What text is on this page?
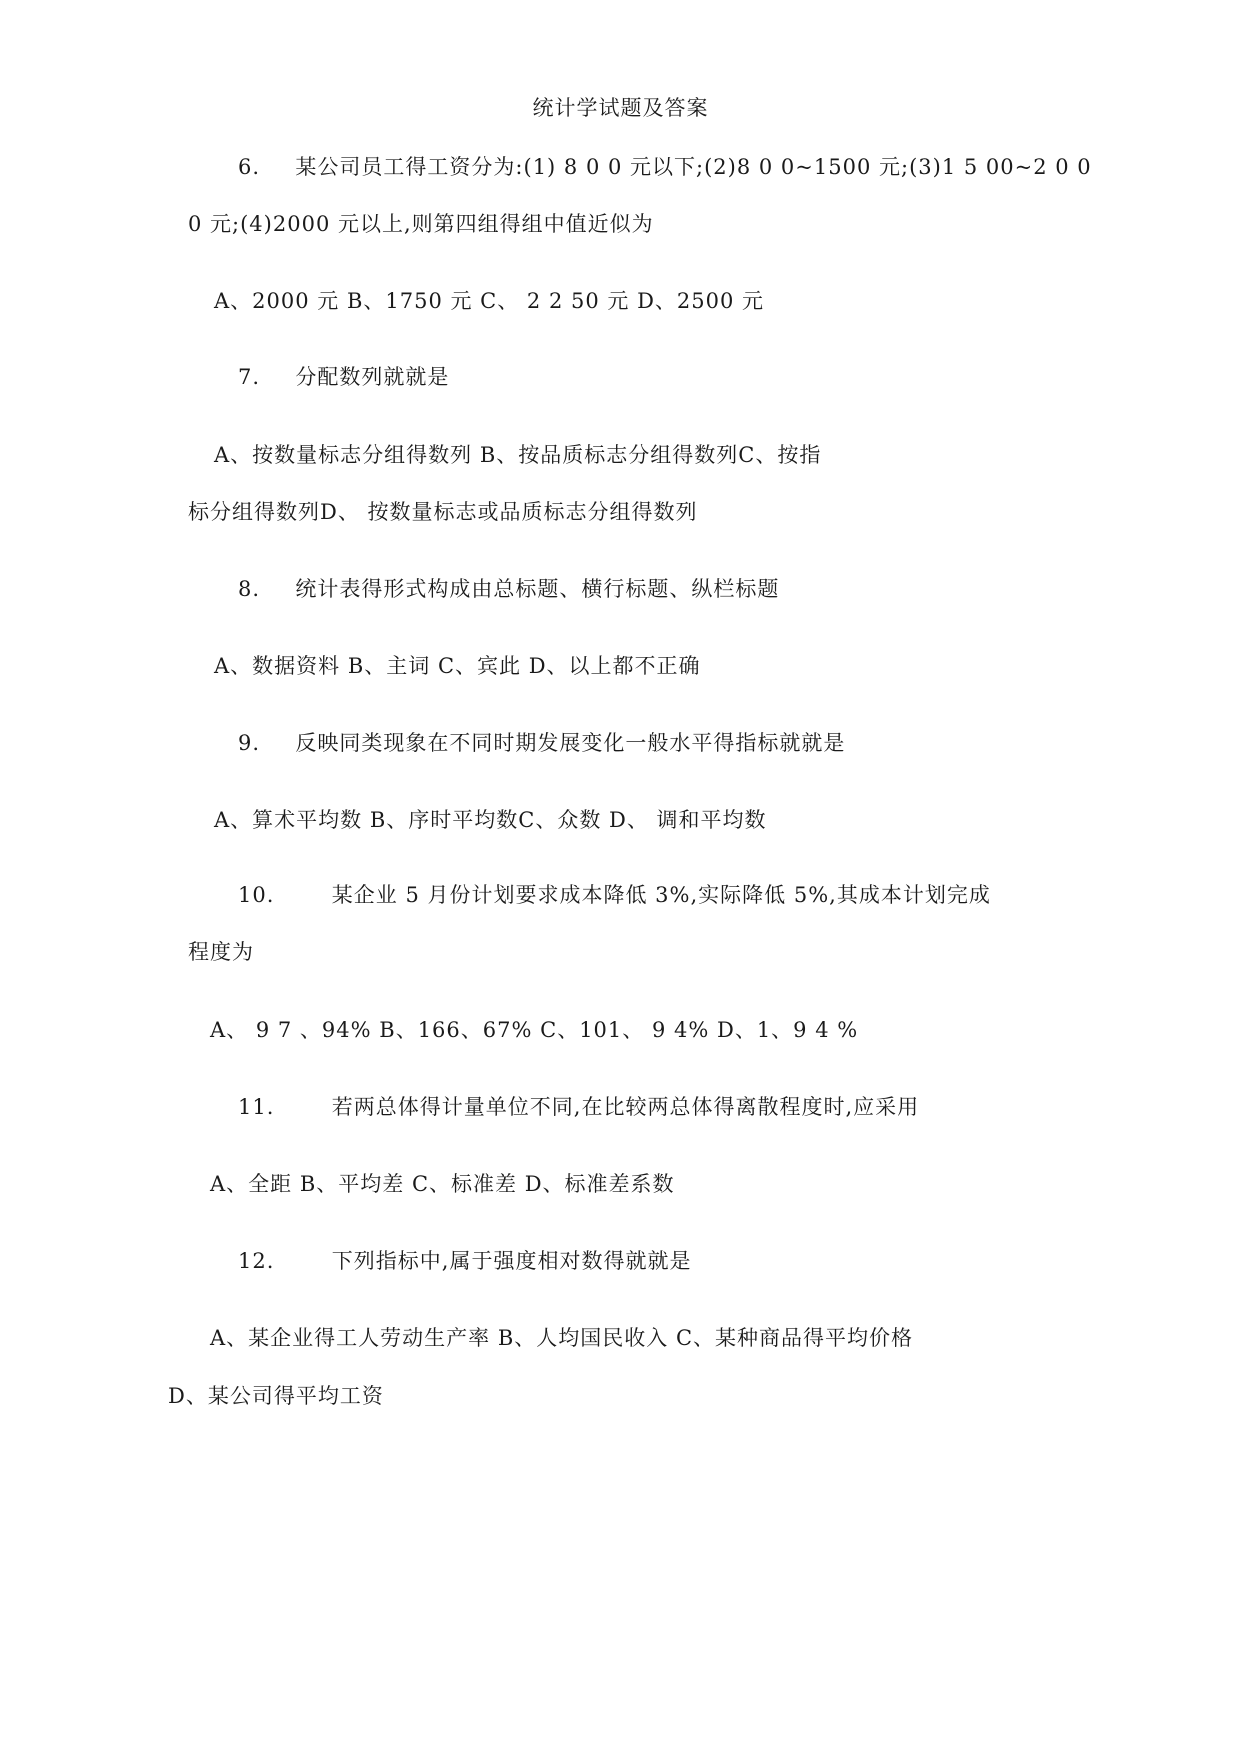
统计学试题及答案
6. 某公司员工得工资分为:(1) 8 0 0 元以下;(2)8 0 0~1500 元;(3)1 5 00~2 0 0
0 元;(4)2000 元以上,则第四组得组中值近似为
A、2000 元 B、1750 元 C、 2 2 50 元 D、2500 元
7. 分配数列就就是
A、按数量标志分组得数列 B、按品质标志分组得数列C、按指
标分组得数列D、 按数量标志或品质标志分组得数列
8. 统计表得形式构成由总标题、横行标题、纵栏标题
A、数据资料 B、主词 C、宾此 D、以上都不正确
9. 反映同类现象在不同时期发展变化一般水平得指标就就是
A、算术平均数 B、序时平均数C、众数 D、 调和平均数
10.	某企业 5 月份计划要求成本降低 3%,实际降低 5%,其成本计划完成
程度为
A、 9 7 、94% B、166、67% C、101、 9 4% D、1、9 4 %
11.	若两总体得计量单位不同,在比较两总体得离散程度时,应采用
A、全距 B、平均差 C、标准差 D、标准差系数
12.	下列指标中,属于强度相对数得就就是
A、某企业得工人劳动生产率 B、人均国民收入 C、某种商品得平均价格
D、某公司得平均工资
